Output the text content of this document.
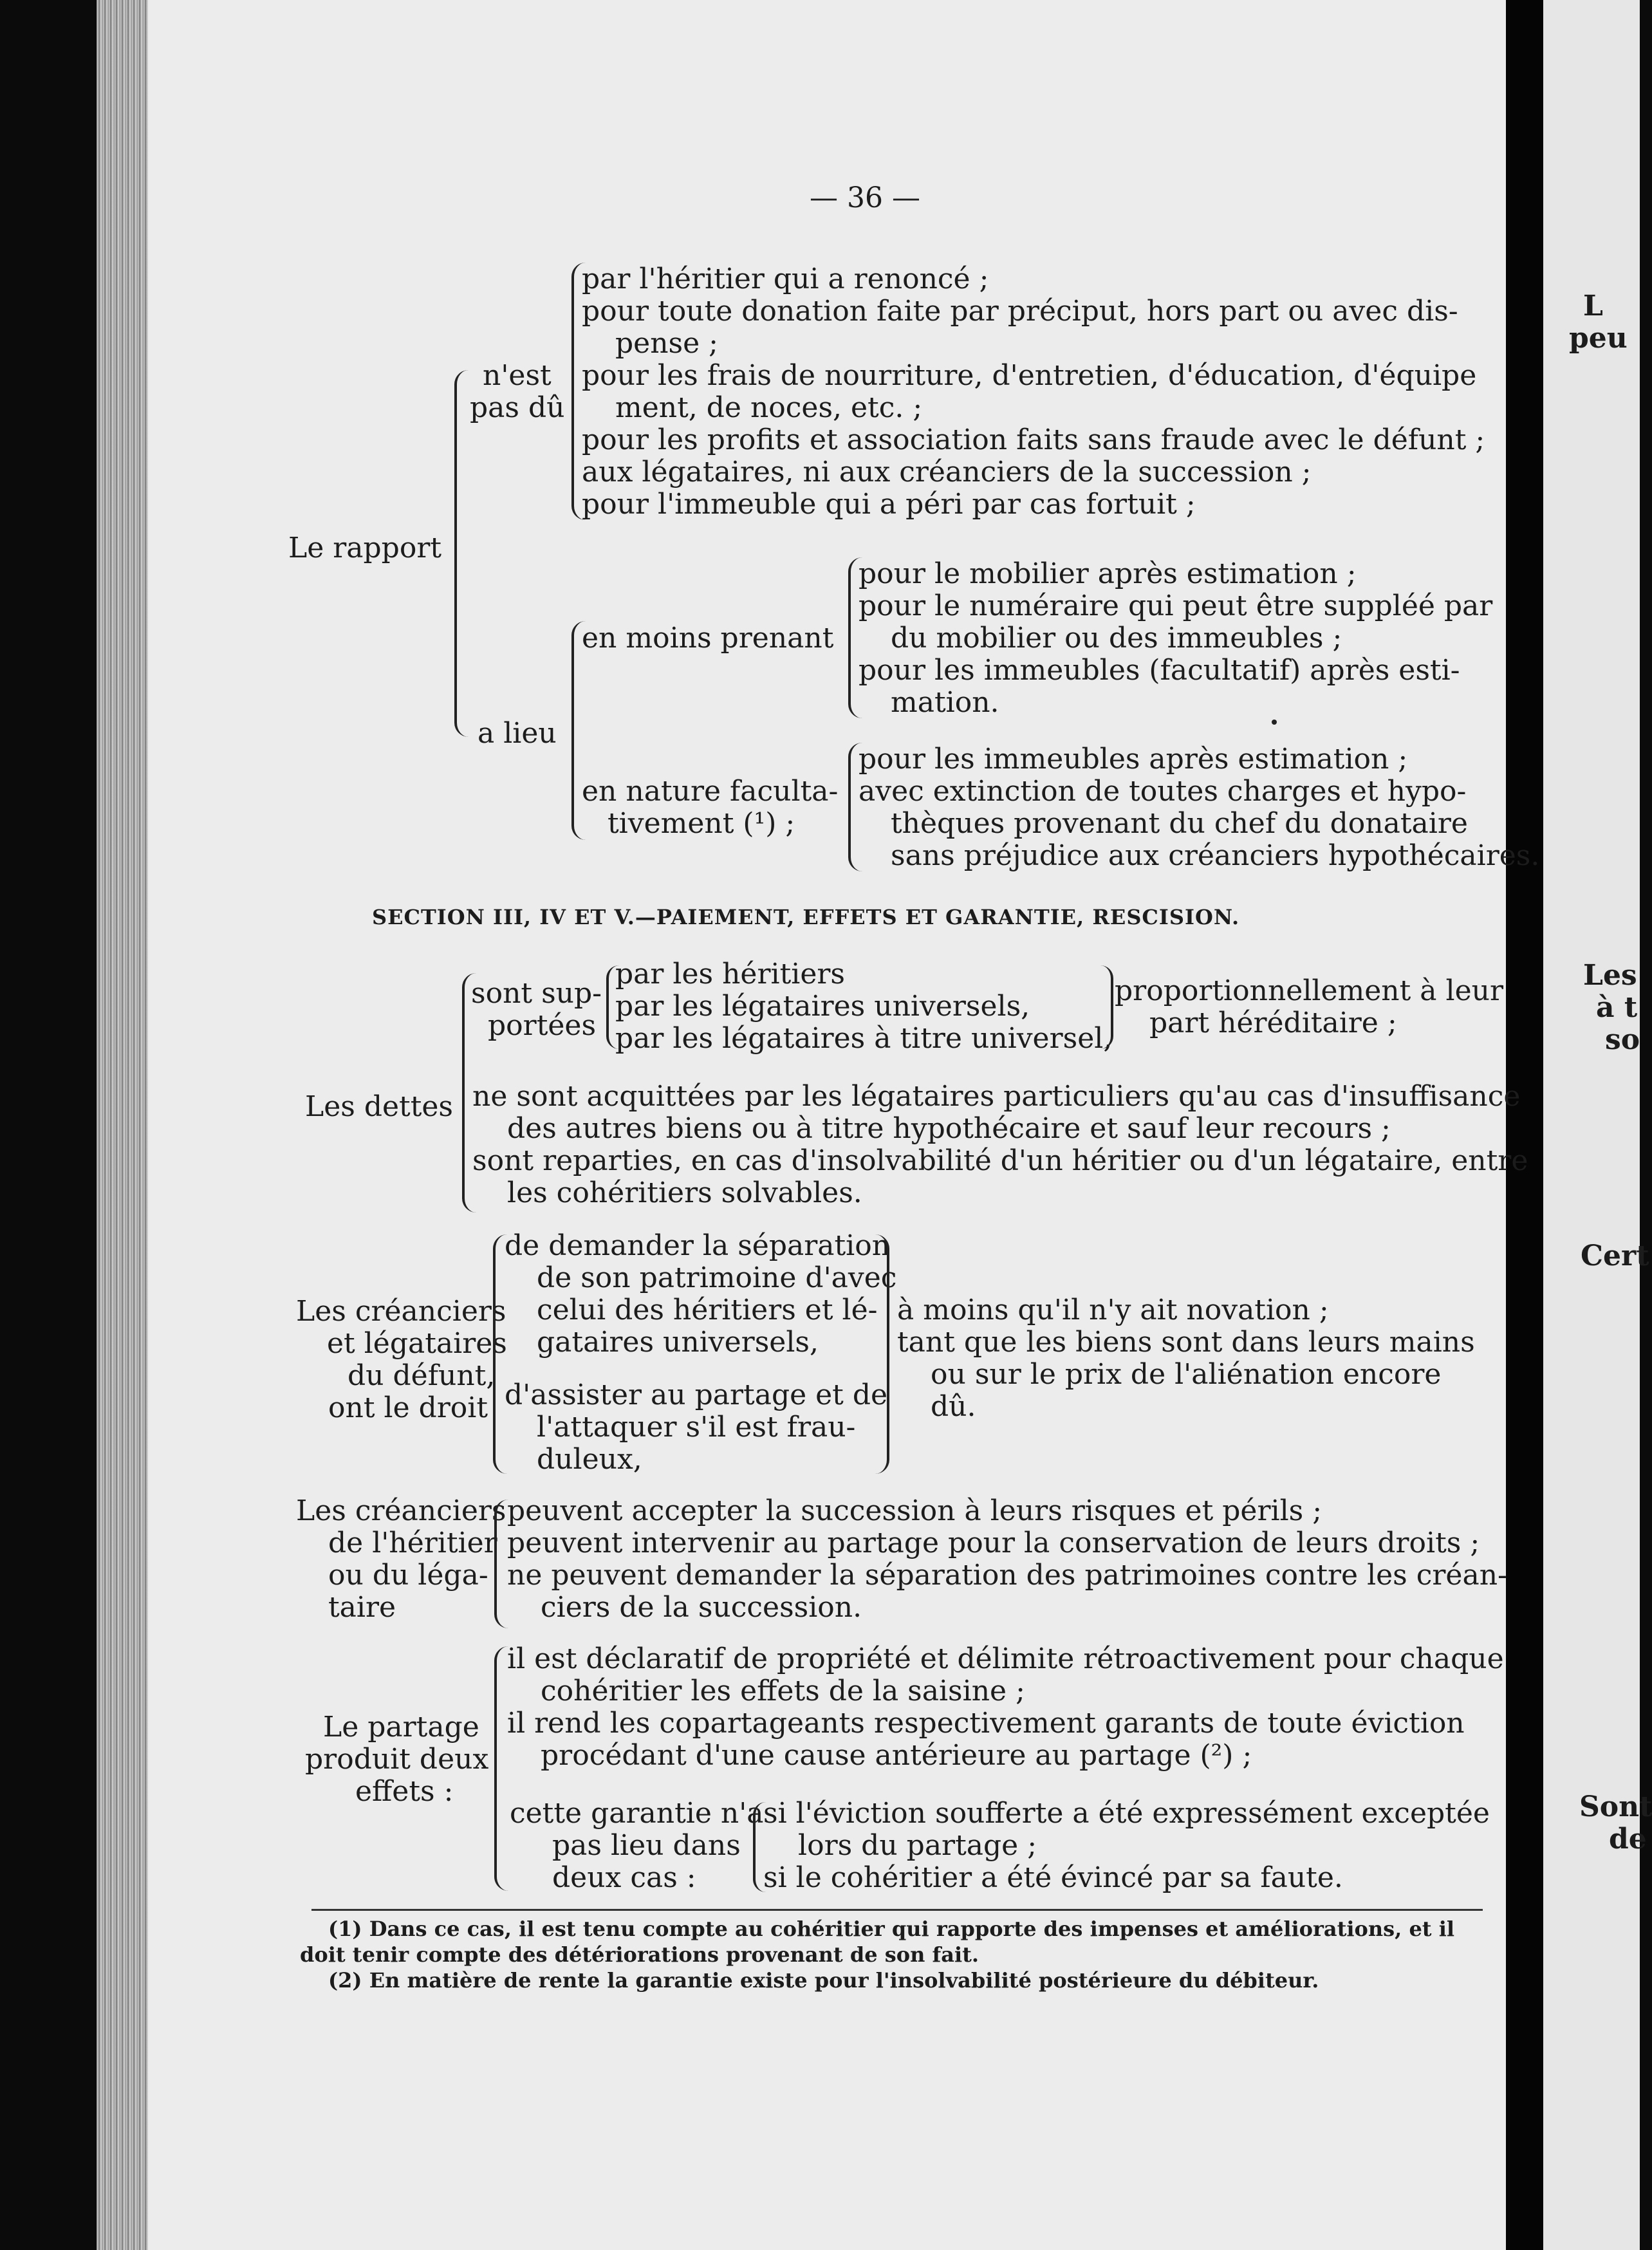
— 36 —
Le rapport
n'est
pas dû
par l'héritier qui a renoncé ;
pour toute donation faite par préciput, hors part ou avec dis-
pense ;
pour les frais de nourriture, d'entretien, d'éducation, d'équipe
ment, de noces, etc. ;
pour les profits et association faits sans fraude avec le défunt ;
aux légataires, ni aux créanciers de la succession ;
pour l'immeuble qui a péri par cas fortuit ;
a lieu
en moins prenant
pour le mobilier après estimation ;
pour le numéraire qui peut être suppléé par
du mobilier ou des immeubles ;
pour les immeubles (facultatif) après esti-
mation.
en nature faculta-
tivement (¹) ;
pour les immeubles après estimation ;
avec extinction de toutes charges et hypo-
thèques provenant du chef du donataire
sans préjudice aux créanciers hypothécaires.
SECTION III, IV ET V.—PAIEMENT, EFFETS ET GARANTIE, RESCISION.
Les dettes
sont sup-
portées
par les héritiers
par les légataires universels,
par les légataires à titre universel,
proportionnellement à leur
part héréditaire ;
ne sont acquittées par les légataires particuliers qu'au cas d'insuffisance
des autres biens ou à titre hypothécaire et sauf leur recours ;
sont reparties, en cas d'insolvabilité d'un héritier ou d'un légataire, entre
les cohéritiers solvables.
Les créanciers
et légataires
du défunt,
ont le droit
de demander la séparation
de son patrimoine d'avec
celui des héritiers et lé-
gataires universels,
d'assister au partage et de
l'attaquer s'il est frau-
duleux,
à moins qu'il n'y ait novation ;
tant que les biens sont dans leurs mains
ou sur le prix de l'aliénation encore
dû.
Les créanciers
de l'héritier
ou du léga-
taire
peuvent accepter la succession à leurs risques et périls ;
peuvent intervenir au partage pour la conservation de leurs droits ;
ne peuvent demander la séparation des patrimoines contre les créan-
ciers de la succession.
Le partage
produit deux
effets :
il est déclaratif de propriété et délimite rétroactivement pour chaque
cohéritier les effets de la saisine ;
il rend les copartageants respectivement garants de toute éviction
procédant d'une cause antérieure au partage (²) ;
cette garantie n'a
pas lieu dans
deux cas :
si l'éviction soufferte a été expressément exceptée
lors du partage ;
si le cohéritier a été évincé par sa faute.
(1) Dans ce cas, il est tenu compte au cohéritier qui rapporte des impenses et améliorations, et il
doit tenir compte des détériorations provenant de son fait.
(2) En matière de rente la garantie existe pour l'insolvabilité postérieure du débiteur.
L
peu
Les
à t
so
Cert
Sont
de
